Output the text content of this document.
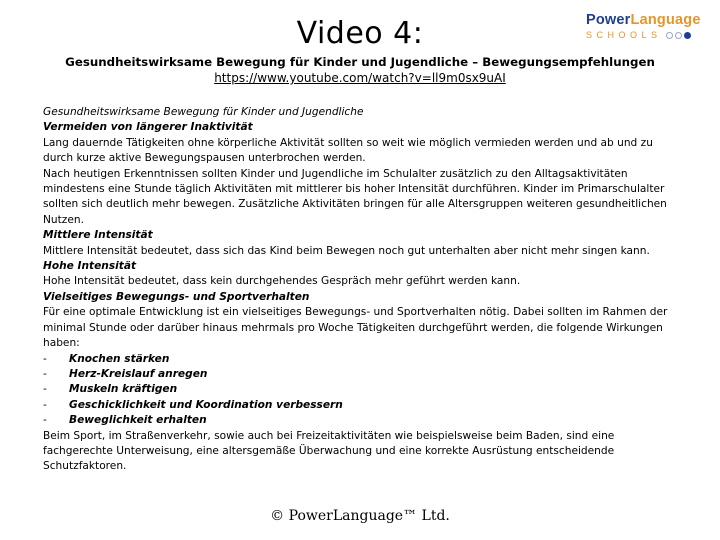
Video 4:	PowerLanguage
SCHOOLS
Gesundheitswirksame Bewegung für Kinder und Jugendliche – Bewegungsempfehlungen
https://www.youtube.com/watch?v=ll9m0sx9uAI

Gesundheitswirksame Bewegung für Kinder und Jugendliche

Vermeiden von längerer Inaktivität

Lang dauernde Tätigkeiten ohne körperliche Aktivität sollten so weit wie möglich vermieden werden und ab und zu durch kurze aktive Bewegungspausen unterbrochen werden.

Nach heutigen Erkenntnissen sollten Kinder und Jugendliche im Schulalter zusätzlich zu den Alltagsaktivitäten mindestens eine Stunde täglich Aktivitäten mit mittlerer bis hoher Intensität durchführen. Kinder im Primarschulalter sollten sich deutlich mehr bewegen. Zusätzliche Aktivitäten bringen für alle Altersgruppen weiteren gesundheitlichen Nutzen.

Mittlere Intensität

Mittlere Intensität bedeutet, dass sich das Kind beim Bewegen noch gut unterhalten aber nicht mehr singen kann.

Hohe Intensität

Hohe Intensität bedeutet, dass kein durchgehendes Gespräch mehr geführt werden kann.

Vielseitiges Bewegungs- und Sportverhalten

Für eine optimale Entwicklung ist ein vielseitiges Bewegungs- und Sportverhalten nötig. Dabei sollten im Rahmen der minimal Stunde oder darüber hinaus mehrmals pro Woche Tätigkeiten durchgeführt werden, die folgende Wirkungen haben:

-	Knochen stärken
-	Herz-Kreislauf anregen
-	Muskeln kräftigen
-	Geschicklichkeit und Koordination verbessern
-	Beweglichkeit erhalten

Beim Sport, im Straßenverkehr, sowie auch bei Freizeitaktivitäten wie beispielsweise beim Baden, sind eine fachgerechte Unterweisung, eine altersgemäße Überwachung und eine korrekte Ausrüstung entscheidende Schutzfaktoren.

© PowerLanguage™ Ltd.
